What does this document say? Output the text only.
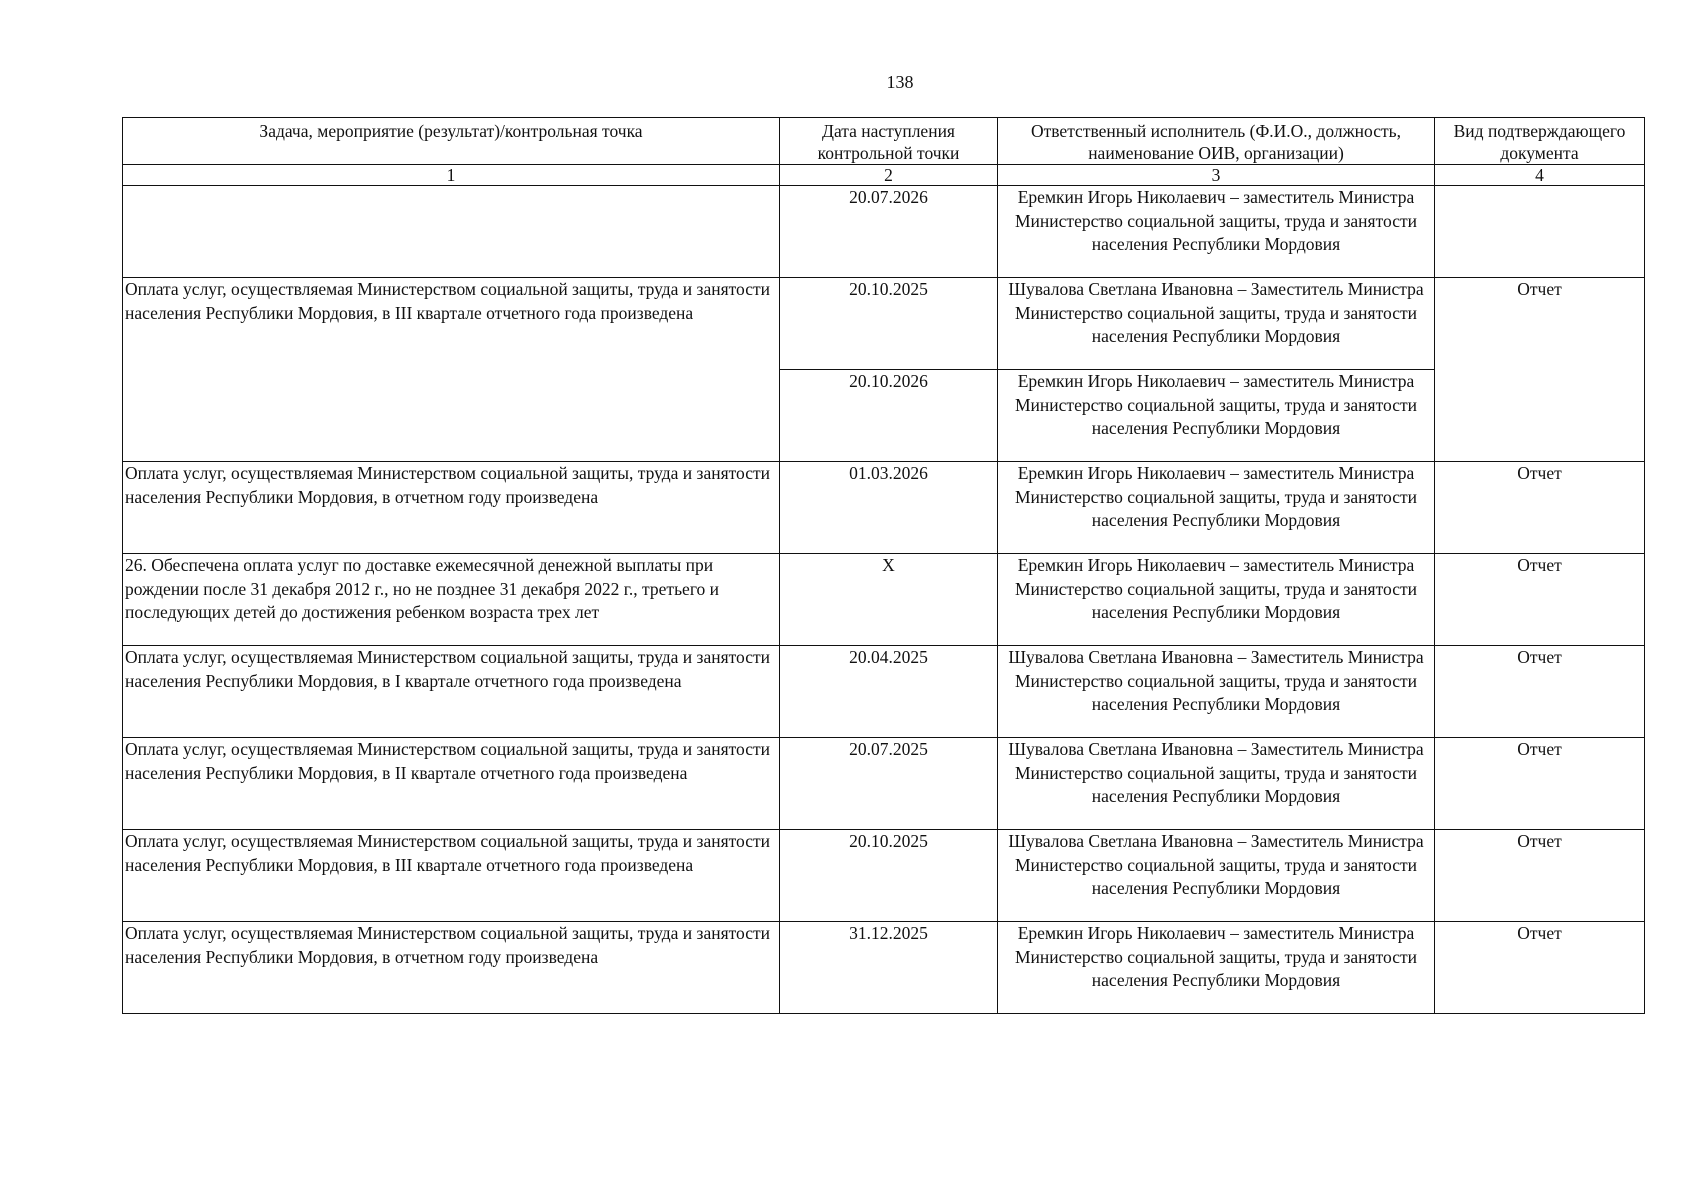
138
Задача, мероприятие (результат)/контрольная точка	Дата наступления контрольной точки	Ответственный исполнитель (Ф.И.О., должность, наименование ОИВ, организации)	Вид подтверждающего документа
1	2	3	4
	20.07.2026	Еремкин Игорь Николаевич – заместитель Министра
Министерство социальной защиты, труда и занятости населения Республики Мордовия	

Оплата услуг, осуществляемая Министерством социальной защиты, труда и занятости населения Республики Мордовия, в III квартале отчетного года произведена	20.10.2025	Шувалова Светлана Ивановна – Заместитель Министра
Министерство социальной защиты, труда и занятости населения Республики Мордовия	Отчет
	20.10.2026	Еремкин Игорь Николаевич – заместитель Министра
Министерство социальной защиты, труда и занятости населения Республики Мордовия	

Оплата услуг, осуществляемая Министерством социальной защиты, труда и занятости населения Республики Мордовия, в отчетном году произведена	01.03.2026	Еремкин Игорь Николаевич – заместитель Министра
Министерство социальной защиты, труда и занятости населения Республики Мордовия	Отчет
26. Обеспечена оплата услуг по доставке ежемесячной денежной выплаты при рождении после 31 декабря 2012 г., но не позднее 31 декабря 2022 г., третьего и последующих детей до достижения ребенком возраста трех лет	X	Еремкин Игорь Николаевич – заместитель Министра
Министерство социальной защиты, труда и занятости населения Республики Мордовия	Отчет
Оплата услуг, осуществляемая Министерством социальной защиты, труда и занятости населения Республики Мордовия, в I квартале отчетного года произведена	20.04.2025	Шувалова Светлана Ивановна – Заместитель Министра
Министерство социальной защиты, труда и занятости населения Республики Мордовия	Отчет
Оплата услуг, осуществляемая Министерством социальной защиты, труда и занятости населения Республики Мордовия, в II квартале отчетного года произведена	20.07.2025	Шувалова Светлана Ивановна – Заместитель Министра
Министерство социальной защиты, труда и занятости населения Республики Мордовия	Отчет
Оплата услуг, осуществляемая Министерством социальной защиты, труда и занятости населения Республики Мордовия, в III квартале отчетного года произведена	20.10.2025	Шувалова Светлана Ивановна – Заместитель Министра
Министерство социальной защиты, труда и занятости населения Республики Мордовия	Отчет
Оплата услуг, осуществляемая Министерством социальной защиты, труда и занятости населения Республики Мордовия, в отчетном году произведена	31.12.2025	Еремкин Игорь Николаевич – заместитель Министра
Министерство социальной защиты, труда и занятости населения Республики Мордовия	Отчет
